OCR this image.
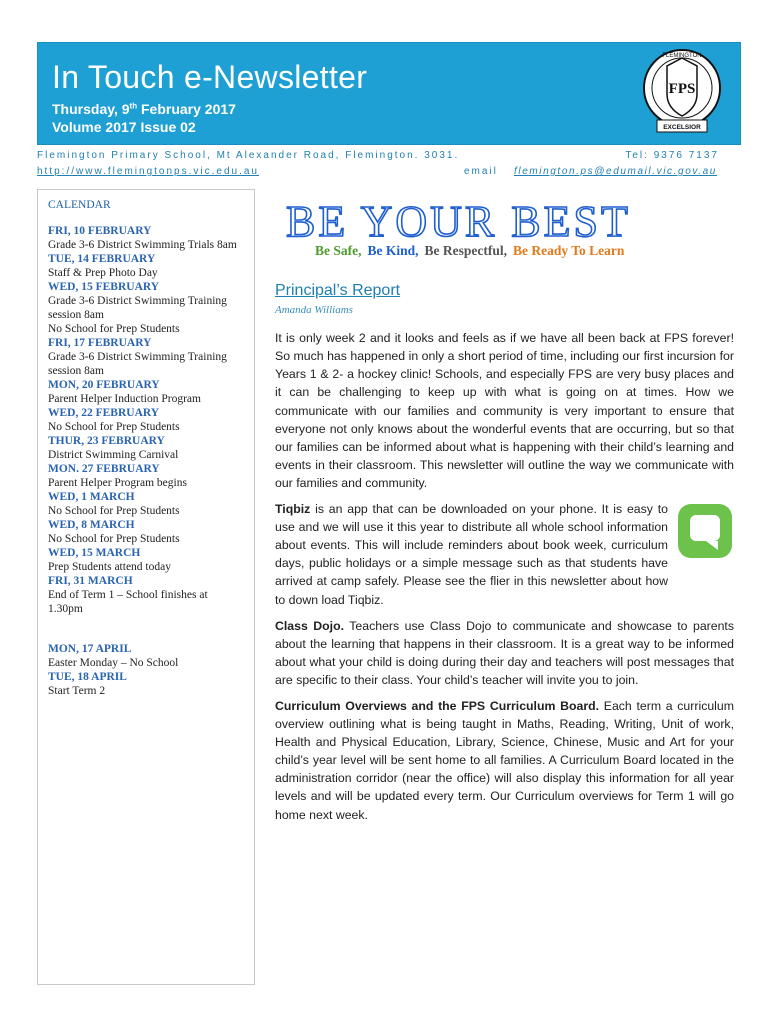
In Touch e-Newsletter
Thursday, 9th February 2017
Volume 2017 Issue 02
FPS
FLEMINGTON
EXCELSIOR
Flemington Primary School, Mt Alexander Road, Flemington. 3031.	Tel: 9376 7137
http://www.flemingtonps.vic.edu.au	email flemington.ps@edumail.vic.gov.au
CALENDAR
FRI, 10 FEBRUARY
Grade 3-6 District Swimming Trials 8am
TUE, 14 FEBRUARY
Staff & Prep Photo Day
WED, 15 FEBRUARY
Grade 3-6 District Swimming Training session 8am
No School for Prep Students
FRI, 17 FEBRUARY
Grade 3-6 District Swimming Training session 8am
MON, 20 FEBRUARY
Parent Helper Induction Program
WED, 22 FEBRUARY
No School for Prep Students
THUR, 23 FEBRUARY
District Swimming Carnival
MON. 27 FEBRUARY
Parent Helper Program begins
WED, 1 MARCH
No School for Prep Students
WED, 8 MARCH
No School for Prep Students
WED, 15 MARCH
Prep Students attend today
FRI, 31 MARCH
End of Term 1 – School finishes at 1.30pm
MON, 17 APRIL
Easter Monday – No School
TUE, 18 APRIL
Start Term 2
BE YOUR BEST
Be Safe, Be Kind, Be Respectful, Be Ready To Learn
Principal’s Report
Amanda Williams

It is only week 2 and it looks and feels as if we have all been back at FPS forever! So much has happened in only a short period of time, including our first incursion for Years 1 & 2- a hockey clinic! Schools, and especially FPS are very busy places and it can be challenging to keep up with what is going on at times. How we communicate with our families and community is very important to ensure that everyone not only knows about the wonderful events that are occurring, but so that our families can be informed about what is happening with their child’s learning and events in their classroom. This newsletter will outline the way we communicate with our families and community.

Tiqbiz is an app that can be downloaded on your phone. It is easy to use and we will use it this year to distribute all whole school information about events. This will include reminders about book week, curriculum days, public holidays or a simple message such as that students have arrived at camp safely. Please see the flier in this newsletter about how to down load Tiqbiz.

Class Dojo. Teachers use Class Dojo to communicate and showcase to parents about the learning that happens in their classroom. It is a great way to be informed about what your child is doing during their day and teachers will post messages that are specific to their class. Your child’s teacher will invite you to join.

Curriculum Overviews and the FPS Curriculum Board. Each term a curriculum overview outlining what is being taught in Maths, Reading, Writing, Unit of work, Health and Physical Education, Library, Science, Chinese, Music and Art for your child’s year level will be sent home to all families. A Curriculum Board located in the administration corridor (near the office) will also display this information for all year levels and will be updated every term. Our Curriculum overviews for Term 1 will go home next week.
